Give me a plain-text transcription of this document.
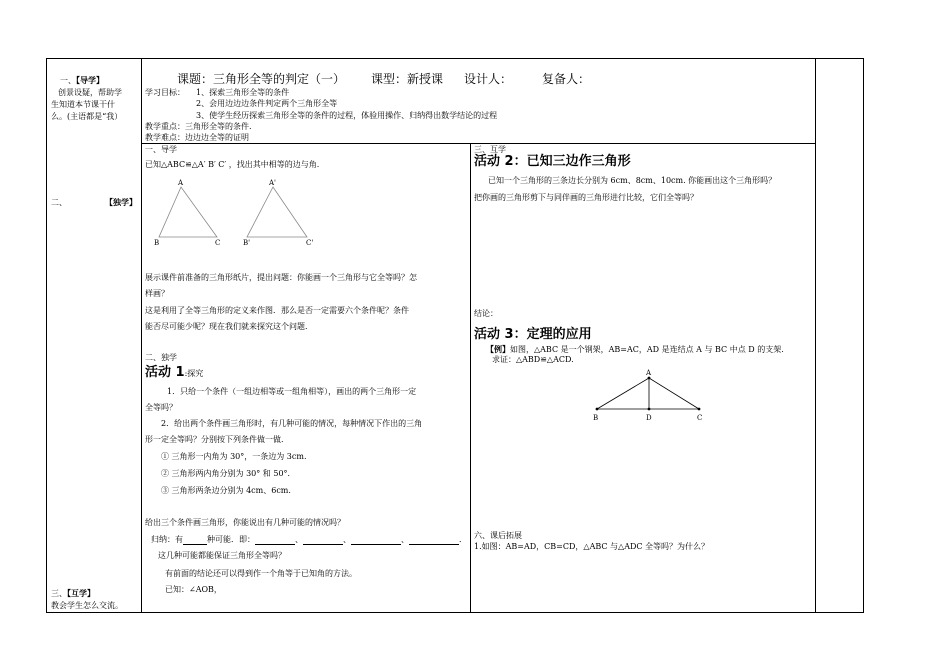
一、【导学】
创景设疑，帮助学
生知道本节课干什
么。(主语都是“我）
二、	【独学】
三、【互学】
教会学生怎么交流。
课题：三角形全等的判定（一） 课型：新授课 设计人： 复备人：
学习目标： 1、探索三角形全等的条件
2、会用边边边条件判定两个三角形全等
3、使学生经历探索三角形全等的条件的过程，体验用操作、归纳得出数学结论的过程
教学重点：三角形全等的条件.
教学难点：边边边全等的证明
一、导学
已知△ABC≌△A′ B′ C′ ，找出其中相等的边与角.
A
B	C
A'
B'	C'
展示课件前准备的三角形纸片，提出问题：你能画一个三角形与它全等吗？怎
样画？
这是利用了全等三角形的定义来作图．那么是否一定需要六个条件呢？条件
能否尽可能少呢？现在我们就来探究这个问题．
二、独学
活动 1:探究
1．只给一个条件（一组边相等或一组角相等），画出的两个三角形一定
全等吗？
2．给出两个条件画三角形时，有几种可能的情况，每种情况下作出的三角
形一定全等吗？分别按下列条件做一做．
① 三角形一内角为 30°，一条边为 3cm.
② 三角形两内角分别为 30° 和 50°．
③ 三角形两条边分别为 4cm、6cm.
给出三个条件画三角形，你能说出有几种可能的情况吗？
归纳：有	种可能．即：	、	、	、	．
这几种可能都能保证三角形全等吗？
有前面的结论还可以得到作一个角等于已知角的方法。
已知：∠AOB，
三、互学
活动 2：已知三边作三角形
已知一个三角形的三条边长分别为 6cm、8cm、10cm. 你能画出这个三角形吗？
把你画的三角形剪下与同伴画的三角形进行比较，它们全等吗？
结论：
活动 3：定理的应用
【例】如图，△ABC 是一个钢架，AB=AC，AD 是连结点 A 与 BC 中点 D 的支架.
求证：△ABD≌△ACD.
A
B	D	C
六、课后拓展
1.如图：AB=AD，CB=CD，△ABC 与△ADC 全等吗？为什么？
